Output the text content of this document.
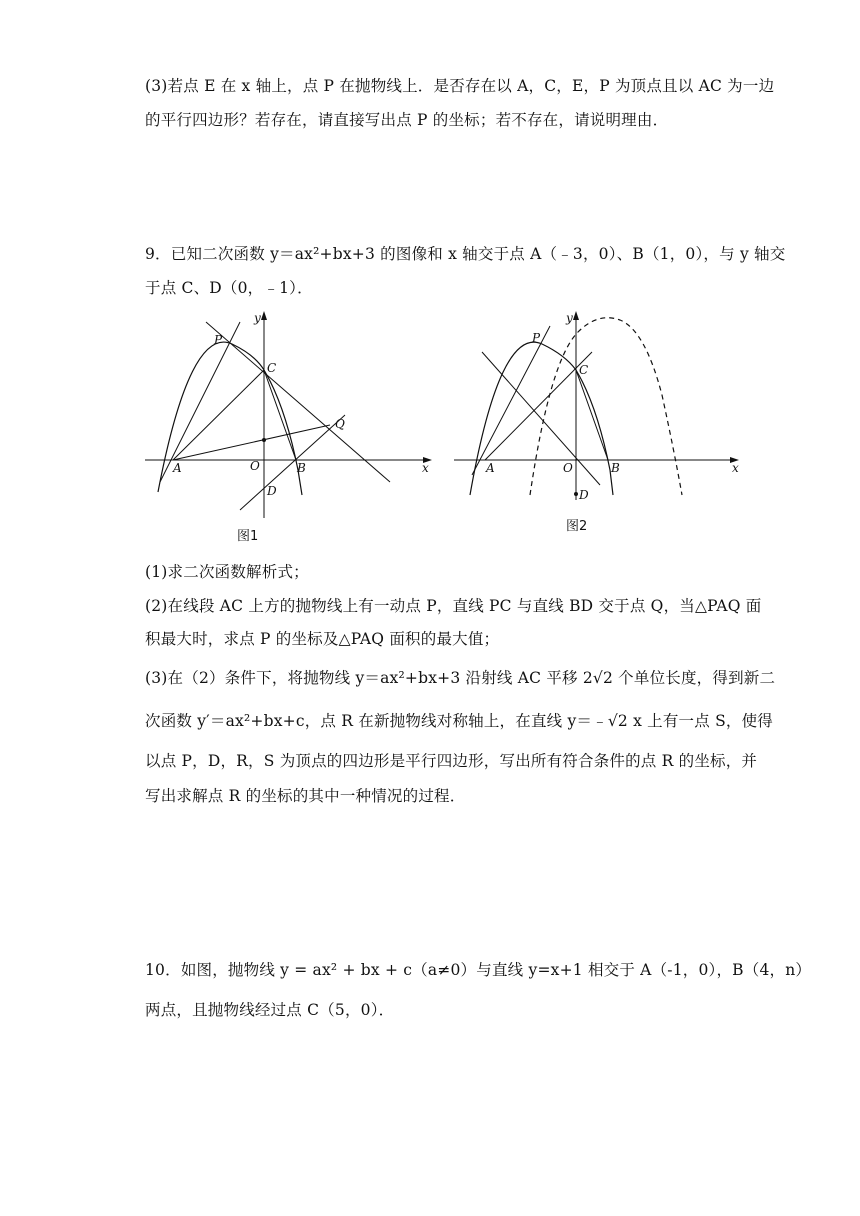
(3)若点 E 在 x 轴上，点 P 在抛物线上．是否存在以 A，C，E，P 为顶点且以 AC 为一边
的平行四边形？若存在，请直接写出点 P 的坐标；若不存在，请说明理由．
9．已知二次函数 y＝ax²+bx+3 的图像和 x 轴交于点 A（﹣3，0）、B（1，0），与 y 轴交
于点 C、D（0，﹣1）．
y
x
P
C
Q
A	O	B
D
图1
y
x
P
C
A	O	B
D
图2
(1)求二次函数解析式；
(2)在线段 AC 上方的抛物线上有一动点 P，直线 PC 与直线 BD 交于点 Q，当△PAQ 面
积最大时，求点 P 的坐标及△PAQ 面积的最大值；
(3)在（2）条件下，将抛物线 y＝ax²+bx+3 沿射线 AC 平移 2√2 个单位长度，得到新二
次函数 y′＝ax²+bx+c，点 R 在新抛物线对称轴上，在直线 y＝﹣√2 x 上有一点 S，使得
以点 P，D，R，S 为顶点的四边形是平行四边形，写出所有符合条件的点 R 的坐标，并
写出求解点 R 的坐标的其中一种情况的过程．
10．如图，抛物线 y = ax² + bx + c（a≠0）与直线 y=x+1 相交于 A（-1，0），B（4，n）
两点，且抛物线经过点 C（5，0）．
